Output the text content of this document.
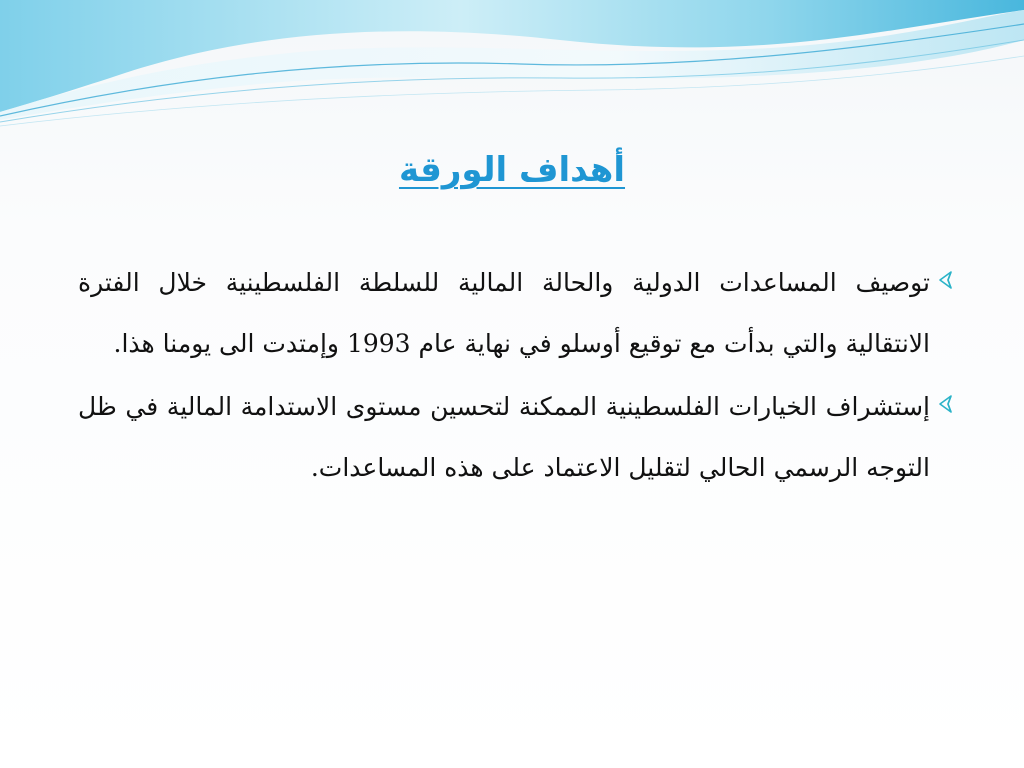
أهداف الورقة
توصيف المساعدات الدولية والحالة المالية للسلطة الفلسطينية خلال الفترة الانتقالية والتي بدأت مع توقيع أوسلو في نهاية عام 1993 وإمتدت الى يومنا هذا.
إستشراف الخيارات الفلسطينية الممكنة لتحسين مستوى الاستدامة المالية في ظل التوجه الرسمي الحالي لتقليل الاعتماد على هذه المساعدات.
